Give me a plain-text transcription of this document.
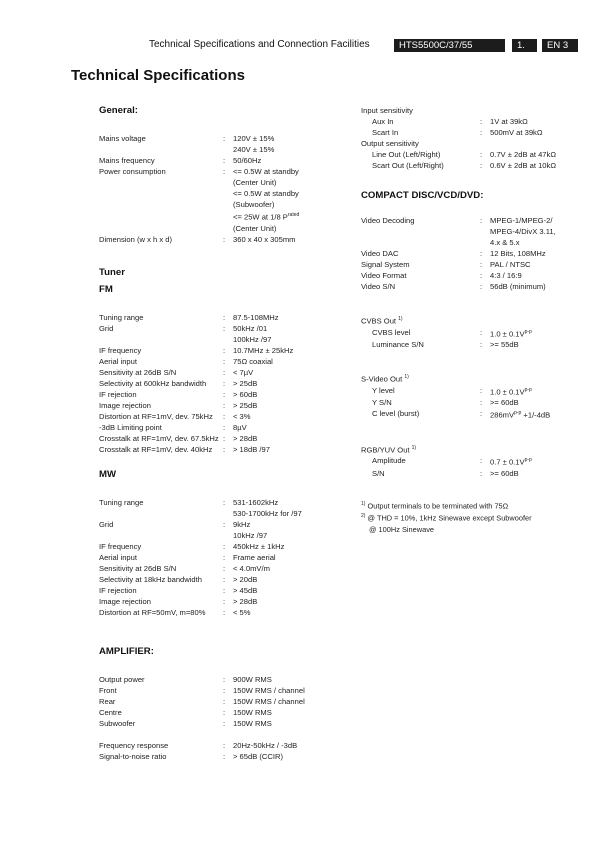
Technical Specifications and Connection Facilities	HTS5500C/37/55	1.	EN 3
Technical Specifications
General:
Mains voltage	:	120V ± 15%
240V ± 15%
Mains frequency	:	50/60Hz
Power consumption	:	<= 0.5W at standby
(Center Unit)
<= 0.5W at standby
(Subwoofer)
<= 25W at 1/8 $P^{rated}$
(Center Unit)
Dimension (w x h x d)	:	360 x 40 x 305mm
Tuner
FM
Tuning range	:	87.5-108MHz
Grid	:	50kHz /01
100kHz /97
IF frequency	:	10.7MHz ± 25kHz
Aerial input	:	75Ω coaxial
Sensitivity at 26dB S/N	:	< 7µV
Selectivity at 600kHz bandwidth	:	> 25dB
IF rejection	:	> 60dB
Image rejection	:	> 25dB
Distortion at RF=1mV, dev. 75kHz	:	< 3%
-3dB Limiting point	:	8µV
Crosstalk at RF=1mV, dev. 67.5kHz :	> 28dB
Crosstalk at RF=1mV, dev. 40kHz	:	> 18dB /97
MW
Tuning range	:	531-1602kHz
530-1700kHz for /97
Grid	:	9kHz
10kHz /97
IF frequency	:	450kHz ± 1kHz
Aerial input	:	Frame aerial
Sensitivity at 26dB S/N	:	< 4.0mV/m
Selectivity at 18kHz bandwidth	:	> 20dB
IF rejection	:	> 45dB
Image rejection	:	> 28dB
Distortion at RF=50mV, m=80%	:	< 5%
AMPLIFIER:
Output power	:	900W RMS
Front	:	150W RMS / channel
Rear	:	150W RMS / channel
Centre	:	150W RMS
Subwoofer	:	150W RMS
Frequency response	:	20Hz-50kHz / -3dB
Signal-to-noise ratio	:	> 65dB (CCIR)
Input sensitivity
Aux In	:	1V at 39kΩ
Scart In	:	500mV at 39kΩ
Output sensitivity
Line Out (Left/Right)	:	0.7V ± 2dB at 47kΩ
Scart Out (Left/Right)	:	0.6V ± 2dB at 10kΩ
COMPACT DISC/VCD/DVD:
Video Decoding	:	MPEG-1/MPEG-2/
MPEG-4/DivX 3.11,
4.x & 5.x
Video DAC	:	12 Bits, 108MHz
Signal System	:	PAL / NTSC
Video Format	:	4:3 / 16:9
Video S/N	:	56dB (minimum)
CVBS Out $^{1)}$
CVBS level	:	$1.0 \pm 0.1V^{p-p}$
Luminance S/N	:	>= 55dB
S-Video Out $^{1)}$
Y level	:	$1.0 \pm 0.1V^{p-p}$
Y S/N	:	>= 60dB
C level (burst)	:	$286mV^{p-p} +1/-4dB$
RGB/YUV Out $^{1)}$
Amplitude	:	$0.7 \pm 0.1V^{p-p}$
S/N	:	>= 60dB
$^{1)}$ Output terminals to be terminated with 75Ω
$^{2)}$ @ THD = 10%, 1kHz Sinewave except Subwoofer
@ 100Hz Sinewave
